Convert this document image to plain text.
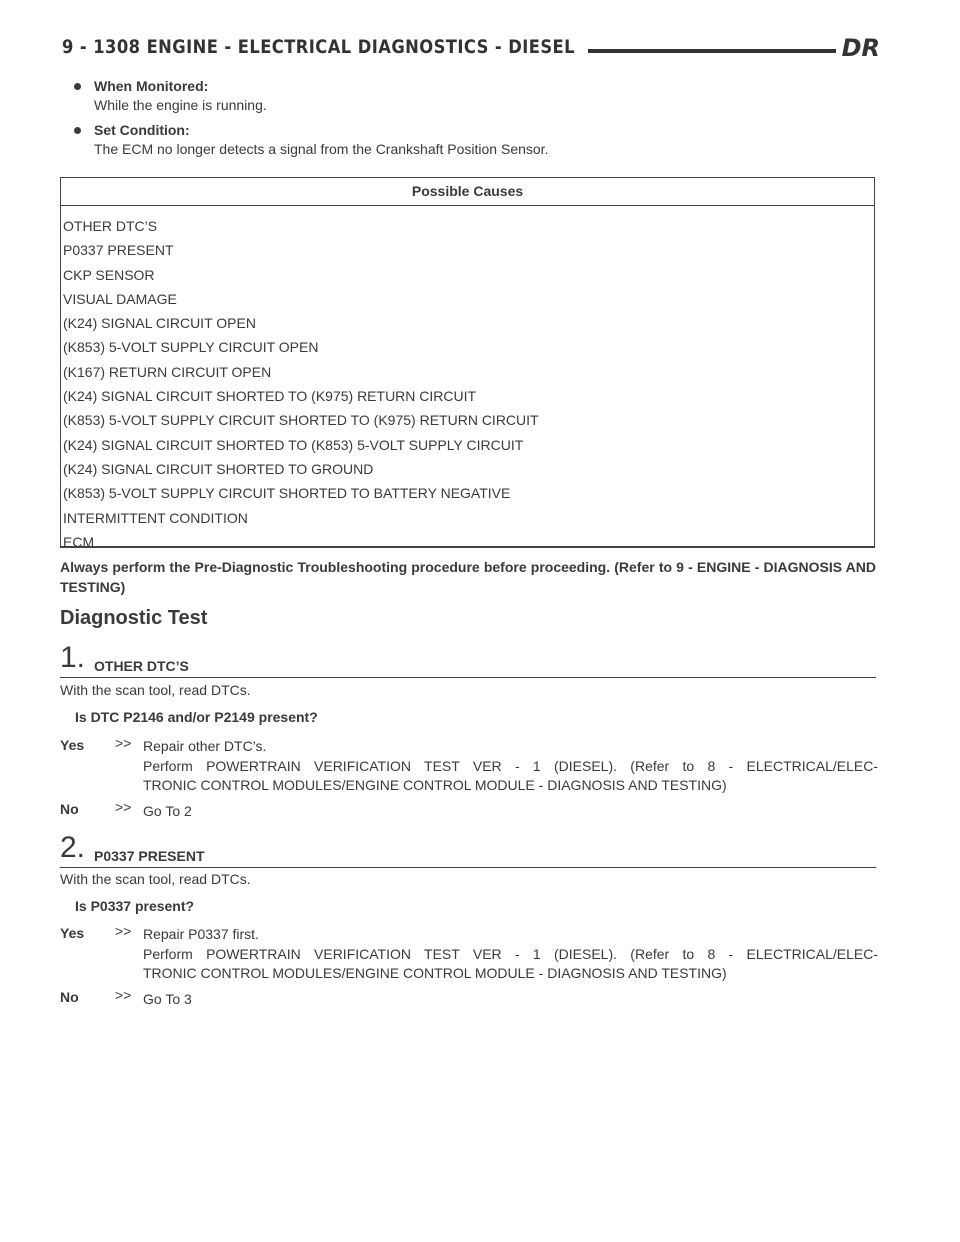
9 - 1308 ENGINE - ELECTRICAL DIAGNOSTICS - DIESEL	DR
When Monitored:
While the engine is running.
Set Condition:
The ECM no longer detects a signal from the Crankshaft Position Sensor.
Possible Causes
OTHER DTC’S
P0337 PRESENT
CKP SENSOR
VISUAL DAMAGE
(K24) SIGNAL CIRCUIT OPEN
(K853) 5-VOLT SUPPLY CIRCUIT OPEN
(K167) RETURN CIRCUIT OPEN
(K24) SIGNAL CIRCUIT SHORTED TO (K975) RETURN CIRCUIT
(K853) 5-VOLT SUPPLY CIRCUIT SHORTED TO (K975) RETURN CIRCUIT
(K24) SIGNAL CIRCUIT SHORTED TO (K853) 5-VOLT SUPPLY CIRCUIT
(K24) SIGNAL CIRCUIT SHORTED TO GROUND
(K853) 5-VOLT SUPPLY CIRCUIT SHORTED TO BATTERY NEGATIVE
INTERMITTENT CONDITION
ECM
Always perform the Pre-Diagnostic Troubleshooting procedure before proceeding. (Refer to 9 - ENGINE - DIAGNOSIS AND TESTING)
Diagnostic Test
1. OTHER DTC’S
With the scan tool, read DTCs.
Is DTC P2146 and/or P2149 present?
Yes >> Repair other DTC’s.
Perform POWERTRAIN VERIFICATION TEST VER - 1 (DIESEL). (Refer to 8 - ELECTRICAL/ELEC-
TRONIC CONTROL MODULES/ENGINE CONTROL MODULE - DIAGNOSIS AND TESTING)
No	>> Go To 2
2. P0337 PRESENT
With the scan tool, read DTCs.
Is P0337 present?
Yes >> Repair P0337 first.
Perform POWERTRAIN VERIFICATION TEST VER - 1 (DIESEL). (Refer to 8 - ELECTRICAL/ELEC-
TRONIC CONTROL MODULES/ENGINE CONTROL MODULE - DIAGNOSIS AND TESTING)
No	>> Go To 3
